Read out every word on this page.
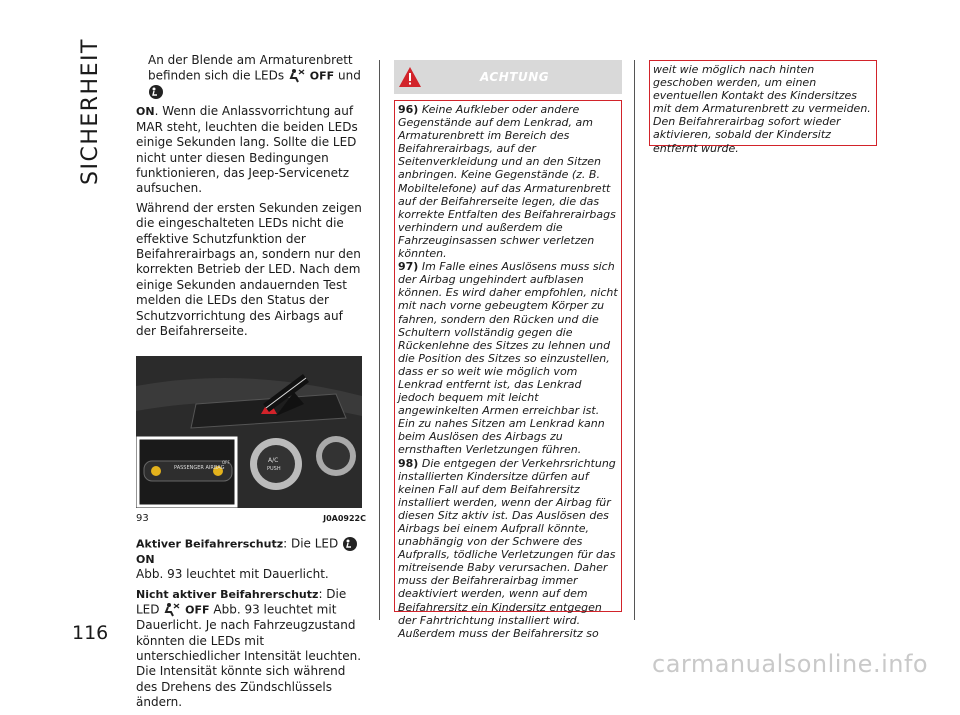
SICHERHEIT	An der Blende am Armaturenbrett befinden sich die LEDs OFF und

ON. Wenn die Anlassvorrichtung auf MAR steht, leuchten die beiden LEDs einige Sekunden lang. Sollte die LED nicht unter diesen Bedingungen funktionieren, das Jeep-Servicenetz aufsuchen.

Während der ersten Sekunden zeigen die eingeschalteten LEDs nicht die effektive Schutzfunktion der Beifahrerairbags an, sondern nur den korrekten Betrieb der LED. Nach dem einige Sekunden andauernden Test melden die LEDs den Status der Schutzvorrichtung des Airbags auf der Beifahrerseite.

PASSENGER AIRBAG
OFF	A/C
PUSH
93	J0A0922C

Aktiver Beifahrerschutz: Die LED  ON
Abb. 93 leuchtet mit Dauerlicht.

Nicht aktiver Beifahrerschutz: Die LED OFF Abb. 93 leuchtet mit Dauerlicht. Je nach Fahrzeugzustand könnten die LEDs mit unterschiedlicher Intensität leuchten. Die Intensität könnte sich während des Drehens des Zündschlüssels ändern.

ACHTUNG

96) Keine Aufkleber oder andere Gegenstände auf dem Lenkrad, am Armaturenbrett im Bereich des Beifahrerairbags, auf der Seitenverkleidung und an den Sitzen anbringen. Keine Gegenstände (z. B. Mobiltelefone) auf das Armaturenbrett auf der Beifahrerseite legen, die das korrekte Entfalten des Beifahrerairbags verhindern und außerdem die Fahrzeuginsassen schwer verletzen könnten.

97) Im Falle eines Auslösens muss sich der Airbag ungehindert aufblasen können. Es wird daher empfohlen, nicht mit nach vorne gebeugtem Körper zu fahren, sondern den Rücken und die Schultern vollständig gegen die Rückenlehne des Sitzes zu lehnen und die Position des Sitzes so einzustellen, dass er so weit wie möglich vom Lenkrad entfernt ist, das Lenkrad jedoch bequem mit leicht angewinkelten Armen erreichbar ist. Ein zu nahes Sitzen am Lenkrad kann beim Auslösen des Airbags zu ernsthaften Verletzungen führen.

98) Die entgegen der Verkehrsrichtung installierten Kindersitze dürfen auf keinen Fall auf dem Beifahrersitz installiert werden, wenn der Airbag für diesen Sitz aktiv ist. Das Auslösen des Airbags bei einem Aufprall könnte, unabhängig von der Schwere des Aufpralls, tödliche Verletzungen für das mitreisende Baby verursachen. Daher muss der Beifahrerairbag immer deaktiviert werden, wenn auf dem Beifahrersitz ein Kindersitz entgegen der Fahrtrichtung installiert wird. Außerdem muss der Beifahrersitz so

weit wie möglich nach hinten geschoben werden, um einen eventuellen Kontakt des Kindersitzes mit dem Armaturenbrett zu vermeiden. Den Beifahrerairbag sofort wieder aktivieren, sobald der Kindersitz entfernt wurde.
116
carmanualsonline.info
